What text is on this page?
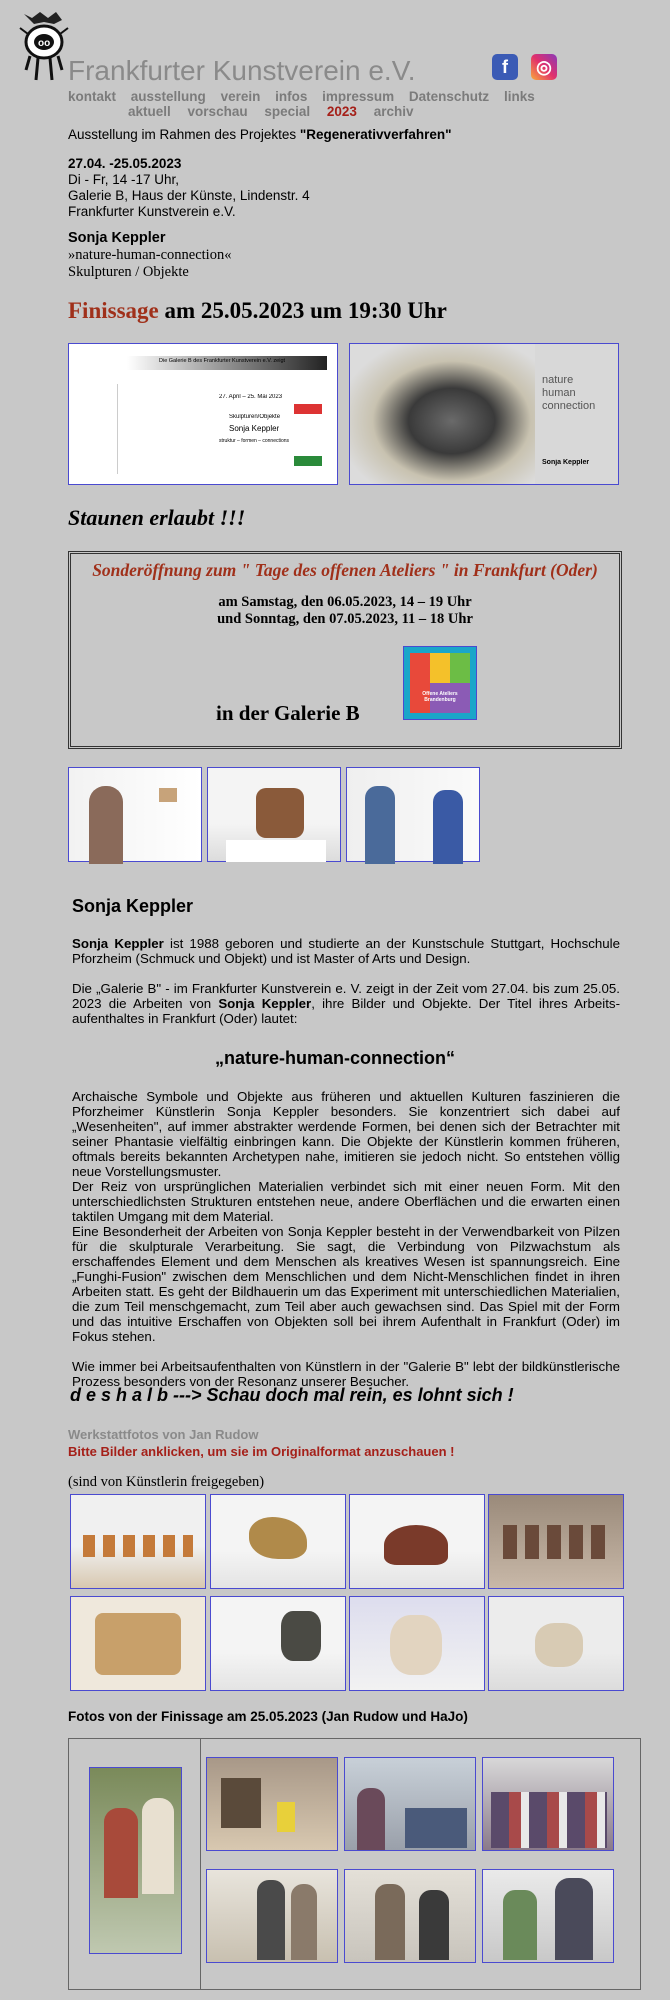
oo
Frankfurter Kunstverein e.V.	f	◎
kontakt ausstellung verein infos impressum Datenschutz links
aktuell vorschau special 2023 archiv
Ausstellung im Rahmen des Projektes "Regenerativverfahren"
27.04. -25.05.2023
Di - Fr, 14 -17 Uhr,
Galerie B, Haus der Künste, Lindenstr. 4
Frankfurter Kunstverein e.V.
Sonja Keppler
»nature-human-connection«
Skulpturen / Objekte
Finissage am 25.05.2023 um 19:30 Uhr
Die Galerie B des Frankfurter Kunstverein e.V. zeigt
27. April – 25. Mai 2023
Skulpturen/Objekte
Sonja Keppler
struktur – formen – connections
nature
human
connection
Sonja Keppler
Staunen erlaubt !!!
Sonderöffnung zum " Tage des offenen Ateliers " in Frankfurt (Oder)
am Samstag, den 06.05.2023, 14 – 19 Uhr
und Sonntag, den 07.05.2023, 11 – 18 Uhr
in der Galerie B
Offene Ateliers
Brandenburg
Sonja Keppler
Sonja Keppler ist 1988 geboren und studierte an der Kunstschule Stuttgart, Hochschule Pforzheim (Schmuck und Objekt) und ist Master of Arts und Design.
Die „Galerie B" - im Frankfurter Kunstverein e. V. zeigt in der Zeit vom 27.04. bis zum 25.05. 2023 die Arbeiten von Sonja Keppler, ihre Bilder und Objekte. Der Titel ihres Arbeits-aufenthaltes in Frankfurt (Oder) lautet:
„nature-human-connection“
Archaische Symbole und Objekte aus früheren und aktuellen Kulturen faszinieren die Pforzheimer Künstlerin Sonja Keppler besonders. Sie konzentriert sich dabei auf „Wesenheiten", auf immer abstrakter werdende Formen, bei denen sich der Betrachter mit seiner Phantasie vielfältig einbringen kann. Die Objekte der Künstlerin kommen früheren, oftmals bereits bekannten Archetypen nahe, imitieren sie jedoch nicht. So entstehen völlig neue Vorstellungsmuster.
Der Reiz von ursprünglichen Materialien verbindet sich mit einer neuen Form. Mit den unterschiedlichsten Strukturen entstehen neue, andere Oberflächen und die erwarten einen taktilen Umgang mit dem Material.
Eine Besonderheit der Arbeiten von Sonja Keppler besteht in der Verwendbarkeit von Pilzen für die skulpturale Verarbeitung. Sie sagt, die Verbindung von Pilzwachstum als erschaffendes Element und dem Menschen als kreatives Wesen ist spannungsreich. Eine „Funghi-Fusion" zwischen dem Menschlichen und dem Nicht-Menschlichen findet in ihren Arbeiten statt. Es geht der Bildhauerin um das Experiment mit unterschiedlichen Materialien, die zum Teil menschgemacht, zum Teil aber auch gewachsen sind. Das Spiel mit der Form und das intuitive Erschaffen von Objekten soll bei ihrem Aufenthalt in Frankfurt (Oder) im Fokus stehen.
Wie immer bei Arbeitsaufenthalten von Künstlern in der "Galerie B" lebt der bildkünstlerische Prozess besonders von der Resonanz unserer Besucher.
d e s h a l b ---> Schau doch mal rein, es lohnt sich !
Werkstattfotos von Jan Rudow
Bitte Bilder anklicken, um sie im Originalformat anzuschauen !
(sind von Künstlerin freigegeben)
Fotos von der Finissage am 25.05.2023 (Jan Rudow und HaJo)
